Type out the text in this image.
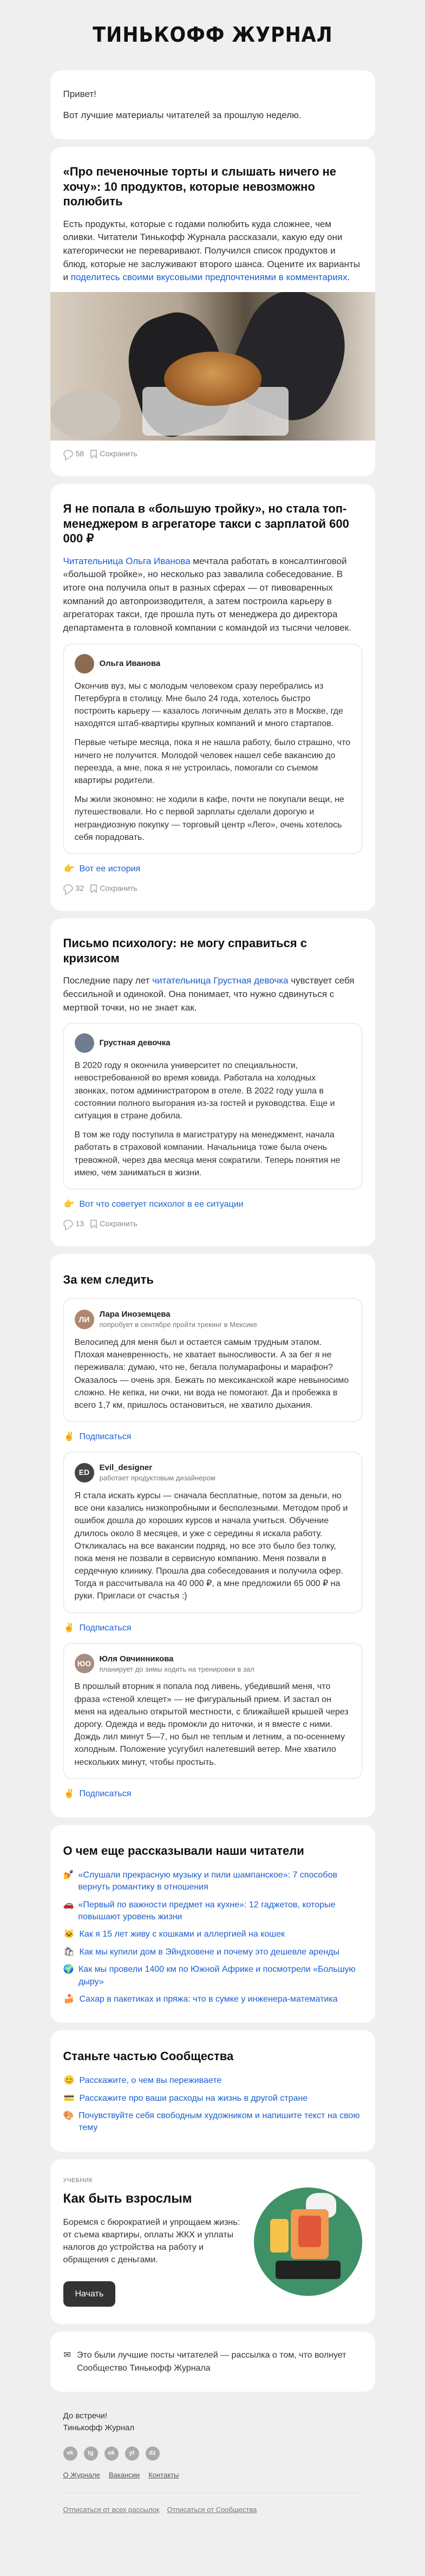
ТИНЬКОФФ ЖУРНАЛ

Привет!

Вот лучшие материалы читателей за прошлую неделю.

«Про печеночные торты и слышать ничего не хочу»: 10 продуктов, которые невозможно полюбить

Есть продукты, которые с годами полюбить куда сложнее, чем оливки. Читатели Тинькофф Журнала рассказали, какую еду они категорически не переваривают. Получился список продуктов и блюд, которые не заслуживают второго шанса. Оцените их варианты и поделитесь своими вкусовыми предпочтениями в комментариях.

58 Сохранить
Я не попала в «большую тройку», но стала топ-менеджером в агрегаторе такси с зарплатой 600 000 ₽

Читательница Ольга Иванова мечтала работать в консалтинговой «большой тройке», но несколько раз завалила собеседование. В итоге она получила опыт в разных сферах — от пивоваренных компаний до автопроизводителя, а затем построила карьеру в агрегаторах такси, где прошла путь от менеджера до директора департамента в головной компании с командой из тысячи человек.

Ольга Иванова

Окончив вуз, мы с молодым человеком сразу перебрались из Петербурга в столицу. Мне было 24 года, хотелось быстро построить карьеру — казалось логичным делать это в Москве, где находятся штаб-квартиры крупных компаний и много стартапов.

Первые четыре месяца, пока я не нашла работу, было страшно, что ничего не получится. Молодой человек нашел себе вакансию до переезда, а мне, пока я не устроилась, помогали со съемом квартиры родители.

Мы жили экономно: не ходили в кафе, почти не покупали вещи, не путешествовали. Но с первой зарплаты сделали дорогую и неграндиозную покупку — торговый центр «Лего», очень хотелось себя порадовать.

👉 Вот ее история
32 Сохранить
Письмо психологу: не могу справиться с кризисом

Последние пару лет читательница Грустная девочка чувствует себя бессильной и одинокой. Она понимает, что нужно сдвинуться с мертвой точки, но не знает как.

Грустная девочка

В 2020 году я окончила университет по специальности, невостребованной во время ковида. Работала на холодных звонках, потом администратором в отеле. В 2022 году ушла в состоянии полного выгорания из-за гостей и руководства. Еще и ситуация в стране добила.

В том же году поступила в магистратуру на менеджмент, начала работать в страховой компании. Начальница тоже была очень тревожной, через два месяца меня сократили. Теперь понятия не имею, чем заниматься в жизни.

👉 Вот что советует психолог в ее ситуации
13 Сохранить
За кем следить
ЛИ
Лара Иноземцева
попробует в сентябре пройти трекинг в Мексике

Велосипед для меня был и остается самым трудным этапом. Плохая маневренность, не хватает выносливости. А за бег я не переживала: думаю, что не, бегала полумарафоны и марафон? Оказалось — очень зря. Бежать по мексиканской жаре невыносимо сложно. Не кепка, ни очки, ни вода не помогают. Да и пробежка в всего 1,7 км, пришлось остановиться, не хватило дыхания.

✌ Подписаться
ED
Evil_designer
работает продуктовым дизайнером

Я стала искать курсы — сначала бесплатные, потом за деньги, но все они казались низкопробными и бесполезными. Методом проб и ошибок дошла до хороших курсов и начала учиться. Обучение длилось около 8 месяцев, и уже с середины я искала работу. Откликалась на все вакансии подряд, но все это было без толку, пока меня не позвали в сервисную компанию. Меня позвали в сердечную клинику. Прошла два собеседования и получила офер. Тогда я рассчитывала на 40 000 ₽, а мне предложили 65 000 ₽ на руки. Пригласи от счастья :)

✌ Подписаться
ЮО
Юля Овчинникова
планирует до зимы ходить на тренировки в зал

В прошлый вторник я попала под ливень, убедивший меня, что фраза «стеной хлещет» — не фигуральный прием. И застал он меня на идеально открытой местности, с ближайшей крышей через дорогу. Одежда и ведь промокли до ниточки, и я вместе с ними. Дождь лил минут 5—7, но был не теплым и летним, а по-осеннему холодным. Положение усугубил налетевший ветер. Мне хватило нескольких минут, чтобы простыть.

✌ Подписаться
О чем еще рассказывали наши читатели
💅 «Слушали прекрасную музыку и пили шампанское»: 7 способов вернуть романтику в отношения
🚗 «Первый по важности предмет на кухне»: 12 гаджетов, которые повышают уровень жизни
🐱 Как я 15 лет живу с кошками и аллергией на кошек
🛍 Как мы купили дом в Эйндховене и почему это дешевле аренды
🌍 Как мы провели 1400 км по Южной Африке и посмотрели «Большую дыру»
🍰 Сахар в пакетиках и пряжа: что в сумке у инженера-математика
Станьте частью Сообщества
😊 Расскажите, о чем вы переживаете
💳 Расскажите про ваши расходы на жизнь в другой стране
🎨 Почувствуйте себя свободным художником и напишите текст на свою тему
УЧЕБНИК
Как быть взрослым

Боремся с бюрократией и упрощаем жизнь: от съема квартиры, оплаты ЖКХ и уплаты налогов до устройства на работу и обращения с деньгами.

Начать
✉ Это были лучшие посты читателей — рассылка о том, что волнует Сообщество Тинькофф Журнала
До встречи!
Тинькофф Журнал
vk	tg	ok	yt	dz
О Журнале Вакансии Контакты
Отписаться от всех рассылок Отписаться от Сообщества
